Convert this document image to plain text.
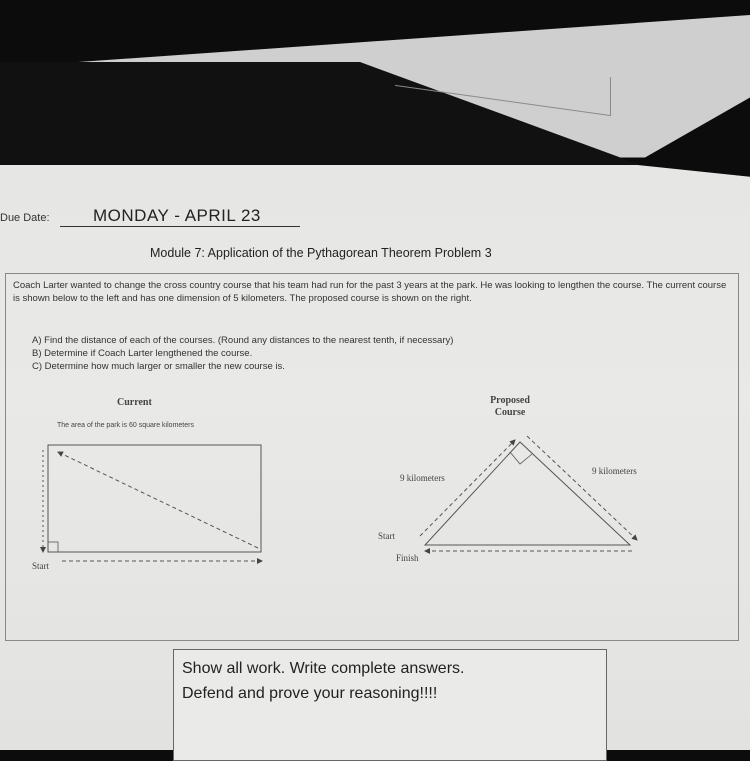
Due Date:	MONDAY - APRIL 23
Module 7: Application of the Pythagorean Theorem Problem 3
Coach Larter wanted to change the cross country course that his team had run for the past 3 years at the park. He was looking to lengthen the course. The current course is shown below to the left and has one dimension of 5 kilometers. The proposed course is shown on the right.
A) Find the distance of each of the courses. (Round any distances to the nearest tenth, if necessary)
B) Determine if Coach Larter lengthened the course.
C) Determine how much larger or smaller the new course is.
Current
The area of the park is 60 square kilometers
Start
Proposed
Course
9 kilometers
9 kilometers
Start
Finish
Show all work. Write complete answers.
Defend and prove your reasoning!!!!
